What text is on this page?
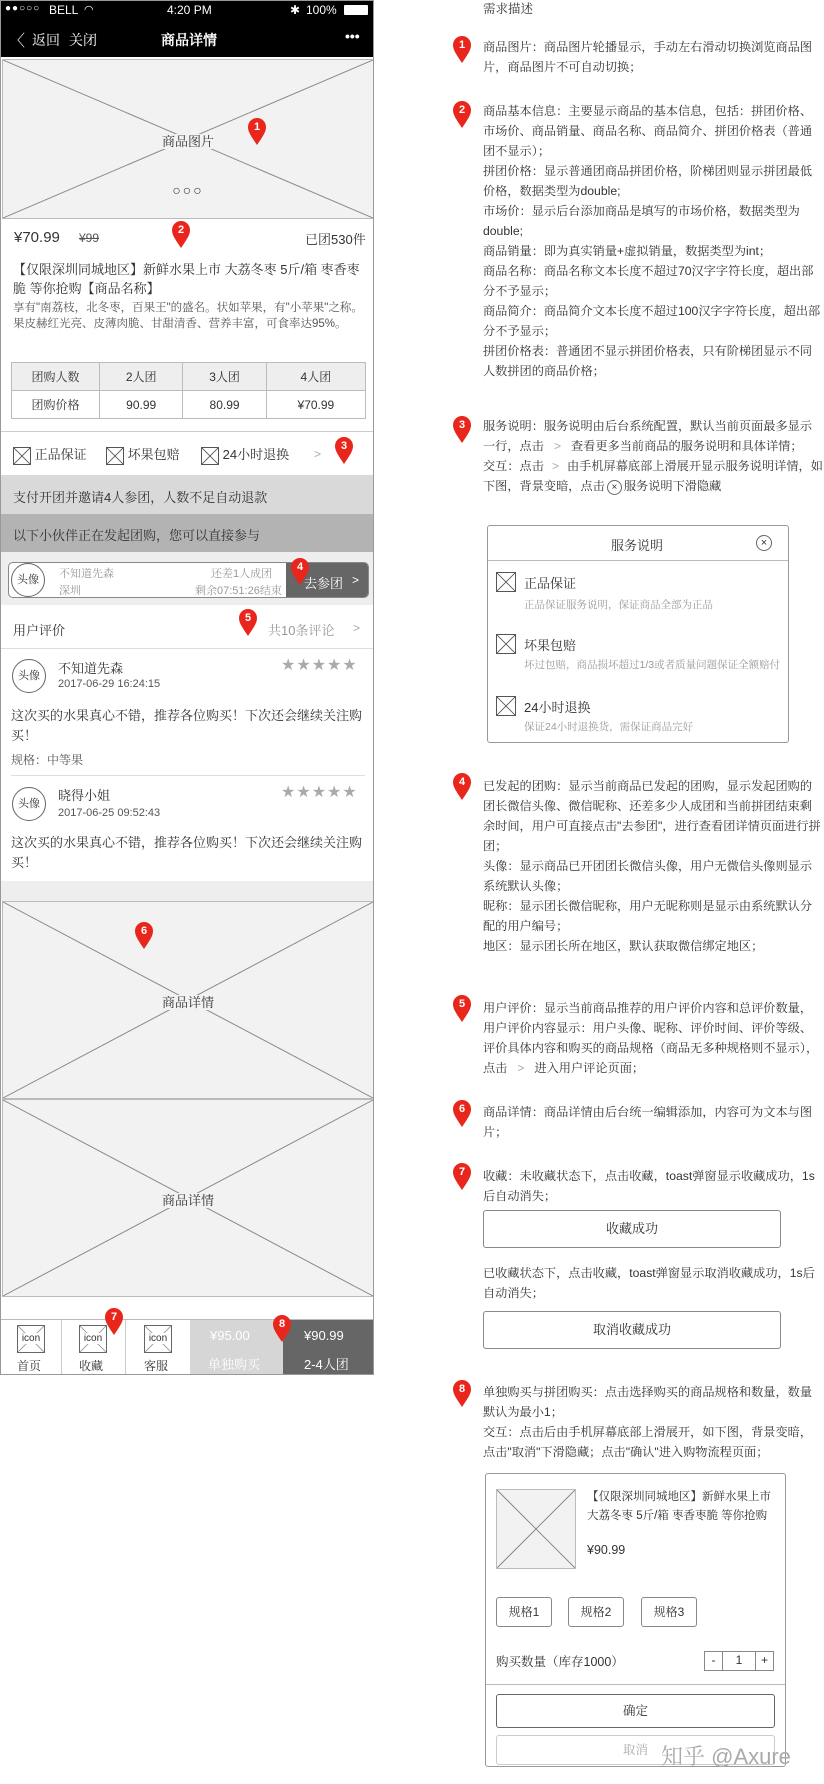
●●○○○ BELL ◠	4:20 PM	✱ 100%
〈 返回 关闭	商品详情	•••
商品图片
○○○
1
¥70.99 ¥99	已团530件
2
【仅限深圳同城地区】新鲜水果上市 大荔冬枣 5斤/箱 枣香枣脆 等你抢购【商品名称】
享有"南荔枝，北冬枣，百果王"的盛名。状如苹果，有"小苹果"之称。果皮赫红光亮、皮薄肉脆、甘甜清香、营养丰富，可食率达95%。
团购人数	2人团	3人团	4人团
团购价格	90.99	80.99	¥70.99
正品保证	坏果包赔	24小时退换 >
3
支付开团并邀请4人参团，人数不足自动退款
以下小伙伴正在发起团购，您可以直接参与
头像	不知道先森	还差1人成团
深圳	剩余07:51:26结束 去参团 >
4
用户评价	共10条评论 >
5
头像	不知道先森	★★★★★
2017-06-29 16:24:15
这次买的水果真心不错，推荐各位购买！下次还会继续关注购买！
规格：中等果
头像
晓得小姐	★★★★★
2017-06-25 09:52:43
这次买的水果真心不错，推荐各位购买！下次还会继续关注购买！
商品详情
6
商品详情
icon
首页
icon
收藏
icon
客服
¥95.00
单独购买
¥90.99
2-4人团
7
8
需求描述
1	商品图片：商品图片轮播显示，手动左右滑动切换浏览商品图片，商品图片不可自动切换；
2	商品基本信息：主要显示商品的基本信息，包括：拼团价格、市场价、商品销量、商品名称、商品简介、拼团价格表（普通团不显示）；
拼团价格：显示普通团商品拼团价格，阶梯团则显示拼团最低价格，数据类型为double;
市场价：显示后台添加商品是填写的市场价格，数据类型为double;
商品销量：即为真实销量+虚拟销量，数据类型为int；
商品名称：商品名称文本长度不超过70汉字字符长度，超出部分不予显示；
商品简介：商品简介文本长度不超过100汉字字符长度，超出部分不予显示；
拼团价格表：普通团不显示拼团价格表，只有阶梯团显示不同人数拼团的商品价格；
3	服务说明：服务说明由后台系统配置，默认当前页面最多显示一行，点击 > 查看更多当前商品的服务说明和具体详情；
交互：点击 > 由手机屏幕底部上滑展开显示服务说明详情，如下图，背景变暗，点击 × 服务说明下滑隐藏
服务说明	×
正品保证
正品保证服务说明，保证商品全部为正品
坏果包赔
坏过包赔，商品损坏超过1/3或者质量问题保证全额赔付
24小时退换
保证24小时退换货，需保证商品完好
4	已发起的团购：显示当前商品已发起的团购，显示发起团购的团长微信头像、微信昵称、还差多少人成团和当前拼团结束剩余时间，用户可直接点击"去参团"，进行查看团详情页面进行拼团；
头像：显示商品已开团团长微信头像，用户无微信头像则显示系统默认头像；
昵称：显示团长微信昵称，用户无昵称则是显示由系统默认分配的用户编号；
地区：显示团长所在地区，默认获取微信绑定地区；
5	用户评价：显示当前商品推荐的用户评价内容和总评价数量，用户评价内容显示：用户头像、昵称、评价时间、评价等级、评价具体内容和购买的商品规格（商品无多种规格则不显示），点击 > 进入用户评论页面；
6	商品详情：商品详情由后台统一编辑添加，内容可为文本与图片；
7	收藏：未收藏状态下，点击收藏，toast弹窗显示收藏成功，1s后自动消失；
收藏成功
已收藏状态下，点击收藏，toast弹窗显示取消收藏成功，1s后自动消失；
取消收藏成功
8	单独购买与拼团购买：点击选择购买的商品规格和数量，数量默认为最小1；
交互：点击后由手机屏幕底部上滑展开，如下图，背景变暗，点击"取消"下滑隐藏；点击"确认"进入购物流程页面；
【仅限深圳同城地区】新鲜水果上市 大荔冬枣 5斤/箱 枣香枣脆 等你抢购
¥90.99
规格1	规格2	规格3
购买数量（库存1000）	-	1	+
确定
取消 知乎 @Axure
